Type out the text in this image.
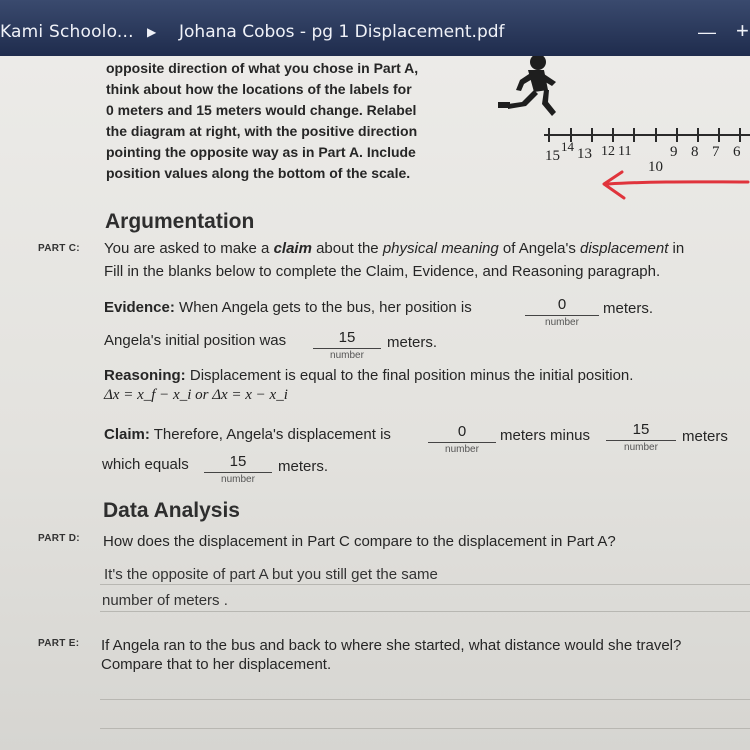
Kami Schoolo... ▶ Johana Cobos - pg 1 Displacement.pdf	— +
opposite direction of what you chose in Part A,
think about how the locations of the labels for
0 meters and 15 meters would change. Relabel
the diagram at right, with the positive direction
pointing the opposite way as in Part A. Include
position values along the bottom of the scale.
15
14 13 12 11
10
9 8 7 6
Argumentation
PART C: You are asked to make a claim about the physical meaning of Angela's displacement in
Fill in the blanks below to complete the Claim, Evidence, and Reasoning paragraph.
Evidence: When Angela gets to the bus, her position is	0
number
meters.
Angela's initial position was	15
number
meters.
Reasoning: Displacement is equal to the final position minus the initial position.
Δx = x_f − x_i or Δx = x − x_i
Claim: Therefore, Angela's displacement is	0
number
meters minus	15
number
meters
which equals	15
number
meters.
Data Analysis
PART D: How does the displacement in Part C compare to the displacement in Part A?
It's the opposite of part A but you still get the same
number of meters .
PART E: If Angela ran to the bus and back to where she started, what distance would she travel?
Compare that to her displacement.
